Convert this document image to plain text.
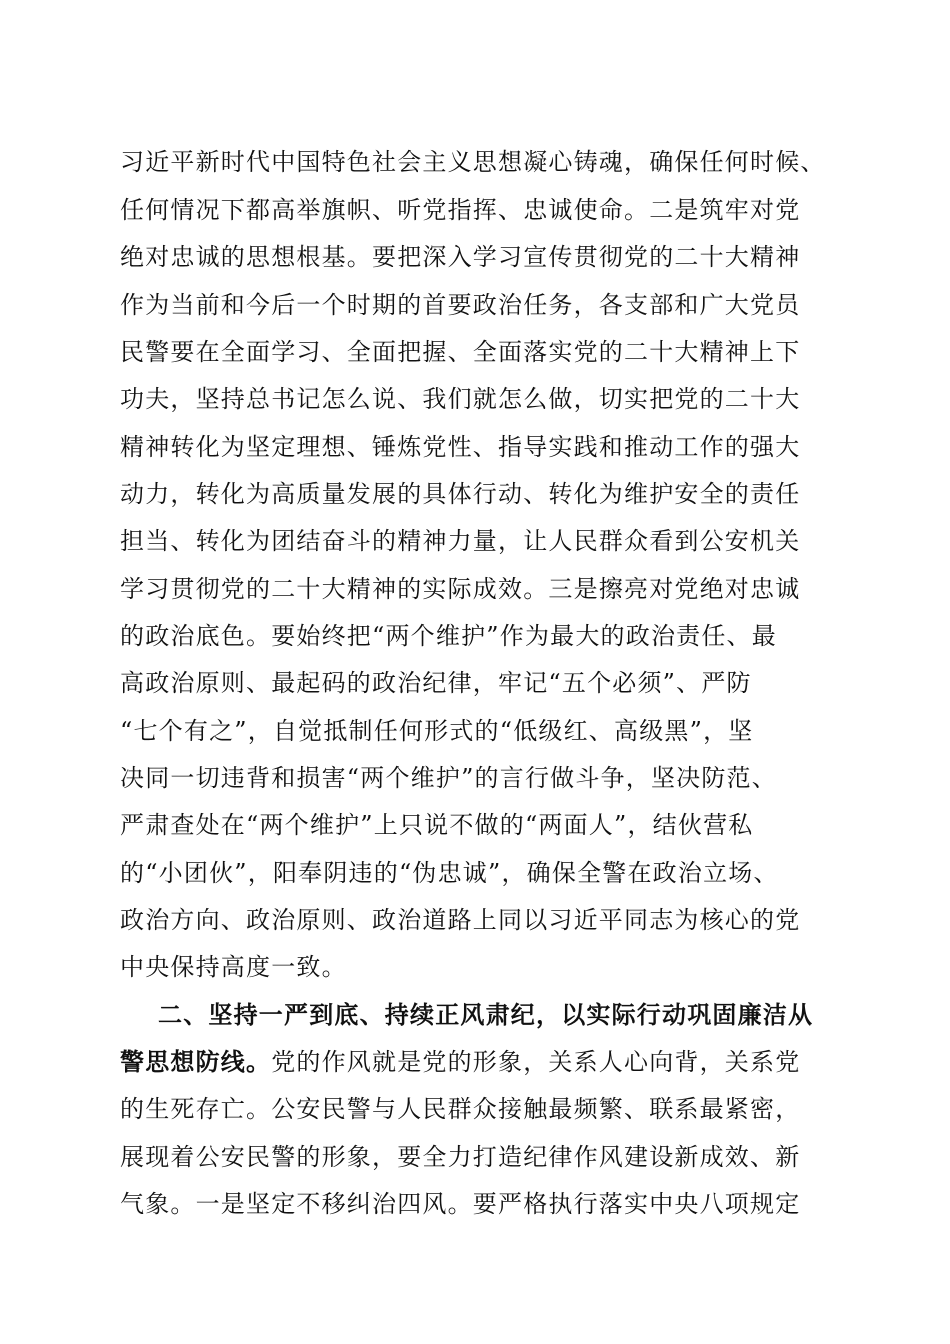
习近平新时代中国特色社会主义思想凝心铸魂，确保任何时候、
任何情况下都高举旗帜、听党指挥、忠诚使命。二是筑牢对党
绝对忠诚的思想根基。要把深入学习宣传贯彻党的二十大精神
作为当前和今后一个时期的首要政治任务，各支部和广大党员
民警要在全面学习、全面把握、全面落实党的二十大精神上下
功夫，坚持总书记怎么说、我们就怎么做，切实把党的二十大
精神转化为坚定理想、锤炼党性、指导实践和推动工作的强大
动力，转化为高质量发展的具体行动、转化为维护安全的责任
担当、转化为团结奋斗的精神力量，让人民群众看到公安机关
学习贯彻党的二十大精神的实际成效。三是擦亮对党绝对忠诚
的政治底色。要始终把“两个维护”作为最大的政治责任、最
高政治原则、最起码的政治纪律，牢记“五个必须”、严防
“七个有之”，自觉抵制任何形式的“低级红、高级黑”，坚
决同一切违背和损害“两个维护”的言行做斗争，坚决防范、
严肃查处在“两个维护”上只说不做的“两面人”，结伙营私
的“小团伙”，阳奉阴违的“伪忠诚”，确保全警在政治立场、
政治方向、政治原则、政治道路上同以习近平同志为核心的党
中央保持高度一致。
二、坚持一严到底、持续正风肃纪，以实际行动巩固廉洁从
警思想防线。党的作风就是党的形象，关系人心向背，关系党
的生死存亡。公安民警与人民群众接触最频繁、联系最紧密，
展现着公安民警的形象，要全力打造纪律作风建设新成效、新
气象。一是坚定不移纠治四风。要严格执行落实中央八项规定
